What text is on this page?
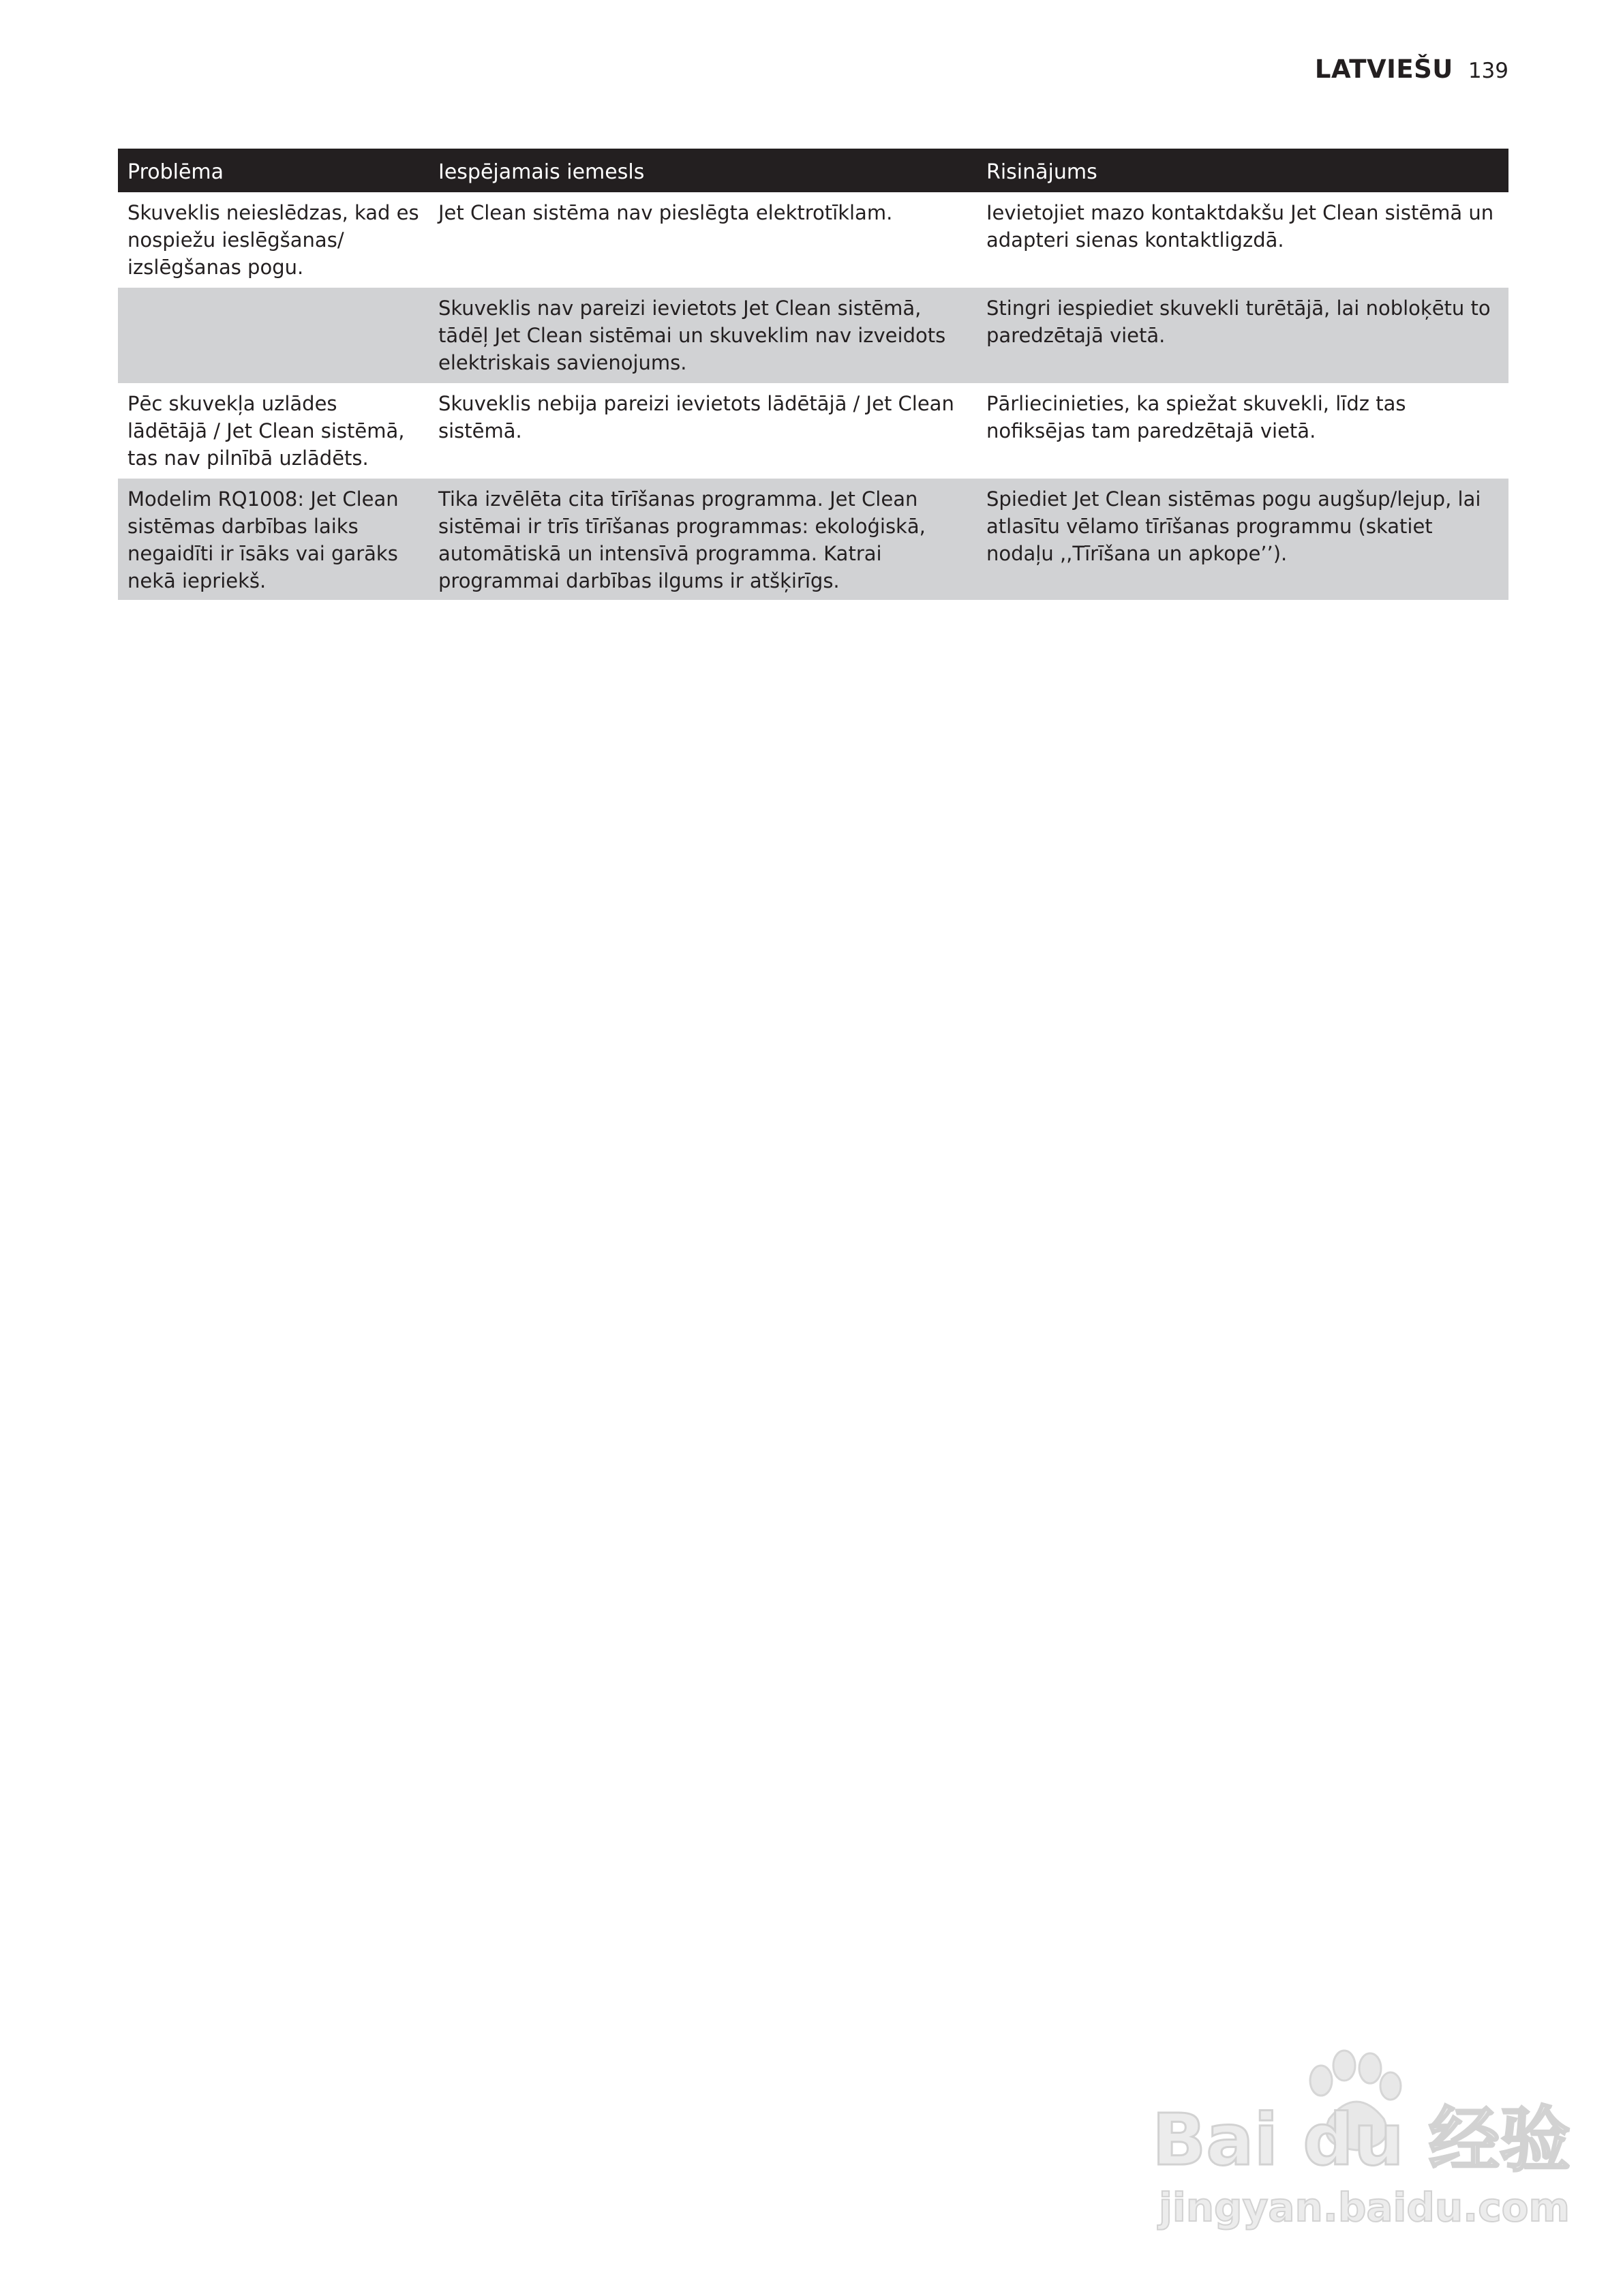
LATVIEŠU 139
Problēma	Iespējamais iemesls	Risinājums
Skuveklis neieslēdzas, kad es nospiežu ieslēgšanas/ izslēgšanas pogu.	Jet Clean sistēma nav pieslēgta elektrotīklam.	Ievietojiet mazo kontaktdakšu Jet Clean sistēmā un adapteri sienas kontaktligzdā.
	Skuveklis nav pareizi ievietots Jet Clean sistēmā, tādēļ Jet Clean sistēmai un skuveklim nav izveidots elektriskais savienojums.	Stingri iespiediet skuvekli turētājā, lai nobloķētu to paredzētajā vietā.
Pēc skuvekļa uzlādes lādētājā / Jet Clean sistēmā, tas nav pilnībā uzlādēts.	Skuveklis nebija pareizi ievietots lādētājā / Jet Clean sistēmā.	Pārliecinieties, ka spiežat skuvekli, līdz tas nofiksējas tam paredzētajā vietā.
Modelim RQ1008: Jet Clean sistēmas darbības laiks negaidīti ir īsāks vai garāks nekā iepriekš.	Tika izvēlēta cita tīrīšanas programma. Jet Clean sistēmai ir trīs tīrīšanas programmas: ekoloģiskā, automātiskā un intensīvā programma. Katrai programmai darbības ilgums ir atšķirīgs.	Spiediet Jet Clean sistēmas pogu augšup/lejup, lai atlasītu vēlamo tīrīšanas programmu (skatiet nodaļu ,,Tīrīšana un apkope’’).
Bai du 经验
jingyan.baidu.com
